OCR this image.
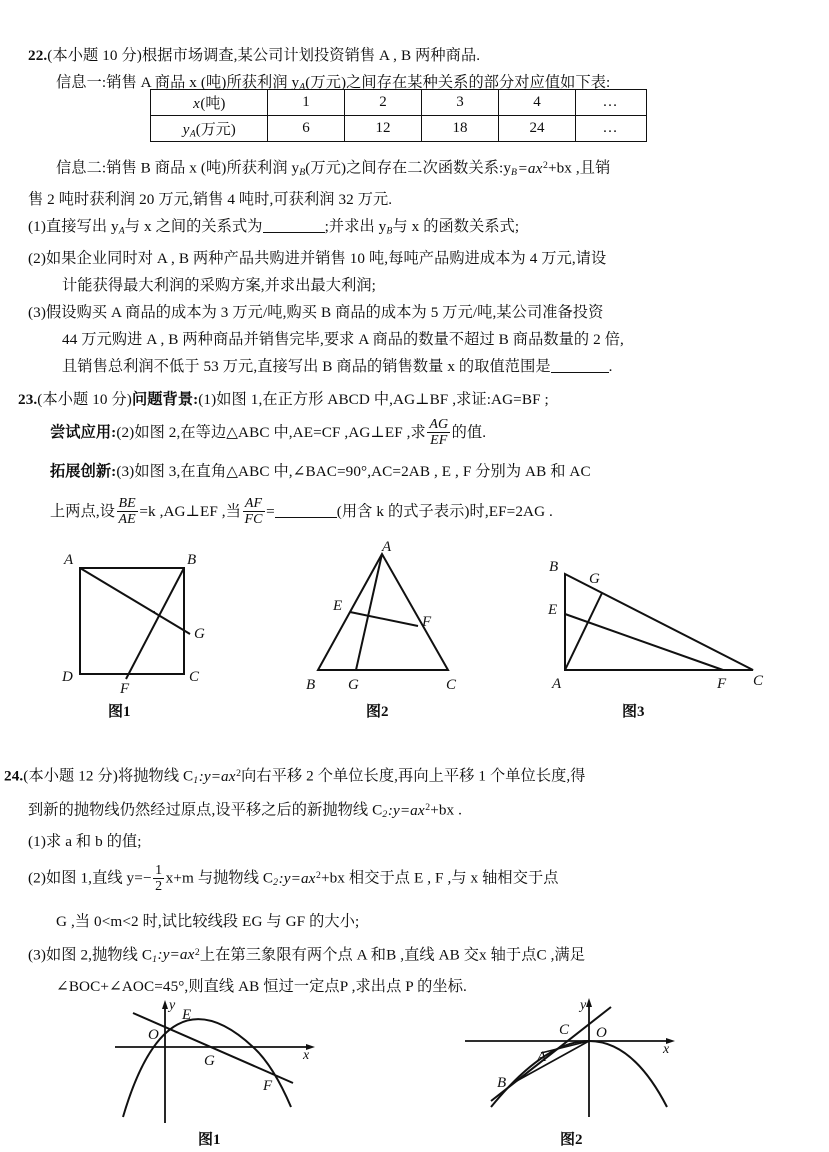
22.(本小题 10 分)根据市场调查,某公司计划投资销售 A , B 两种商品.
信息一:销售 A 商品 x (吨)所获利润 $y_A$(万元)之间存在某种关系的部分对应值如下表:
x(吨)	1	2	3	4	…
$y_A$(万元)	6	12	18	24	…
信息二:销售 B 商品 x (吨)所获利润 $y_B$(万元)之间存在二次函数关系$:y_B=ax^2+bx$ ,且销
售 2 吨时获利润 20 万元,销售 4 吨时,可获利润 32 万元.
(1)直接写出 $y_A$与 x 之间的关系式为	;并求出 $y_B$与 x 的函数关系式;
(2)如果企业同时对 A , B 两种产品共购进并销售 10 吨,每吨产品购进成本为 4 万元,请设
计能获得最大利润的采购方案,并求出最大利润;
(3)假设购买 A 商品的成本为 3 万元/吨,购买 B 商品的成本为 5 万元/吨,某公司准备投资
44 万元购进 A , B 两种商品并销售完毕,要求 A 商品的数量不超过 B 商品数量的 2 倍,
且销售总利润不低于 53 万元,直接写出 B 商品的销售数量 x 的取值范围是	.
23.(本小题 10 分)问题背景:(1)如图 1,在正方形 ABCD 中,AG⊥BF ,求证:AG=BF ;
尝试应用:(2)如图 2,在等边△ABC 中,AE=CF ,AG⊥EF ,求 $\frac{AG}{EF}$ 的值.
拓展创新:(3)如图 3,在直角△ABC 中,∠BAC=90°,AC=2AB , E , F 分别为 AB 和 AC
上两点,设 $\frac{BE}{AE} =k$ ,AG⊥EF ,当 $\frac{AF}{FC}$ =	(用含 k 的式子表示)时,EF=2AG .
A	B
G
D	C
F
图1
A
E
F
B G	C
图2
B
G
E
A	F C
图3
24.(本小题 12 分)将抛物线 $C_1:y=ax^2$向右平移 2 个单位长度,再向上平移 1 个单位长度,得
到新的抛物线仍然经过原点,设平移之后的新抛物线 $C_2:y=ax^2+bx$ .
(1)求 a 和 b 的值;
(2)如图 1,直线 $y=- \frac{1}{2} x+m$ 与抛物线 $C_2:y=ax^2+bx$ 相交于点 E , F ,与 x 轴相交于点
G ,当 0<m<2 时,试比较线段 EG 与 GF 的大小;
(3)如图 2,抛物线 $C_1:y=ax^2$上在第三象限有两个点 A 和B ,直线 AB 交x 轴于点C ,满足
∠BOC+∠AOC=45°,则直线 AB 恒过一定点P ,求出点 P 的坐标.
O
E
G
F
x
y
图1
O
C
A
B
x
y
图2
